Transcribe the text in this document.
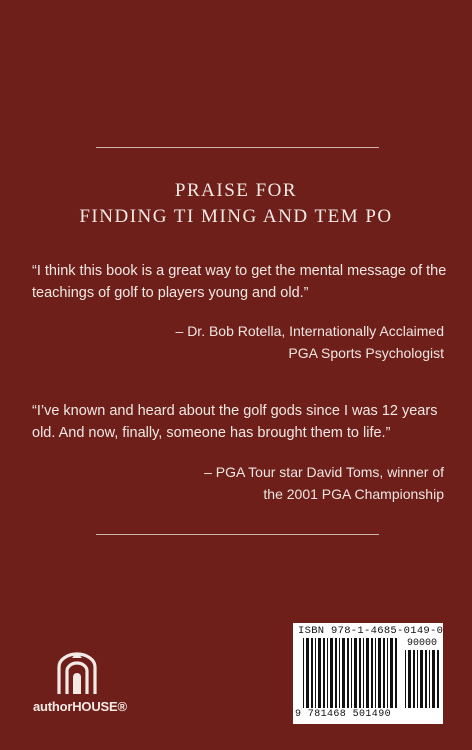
PRAISE FOR
FINDING TI MING AND TEM PO
“I think this book is a great way to get the mental message of the teachings of golf to players young and old.”
– Dr. Bob Rotella, Internationally Acclaimed
PGA Sports Psychologist
“I’ve known and heard about the golf gods since I was 12 years old. And now, finally, someone has brought them to life.”
– PGA Tour star David Toms, winner of
the 2001 PGA Championship
authorHOUSE®
ISBN 978-1-4685-0149-0
90000
9 781468 501490
